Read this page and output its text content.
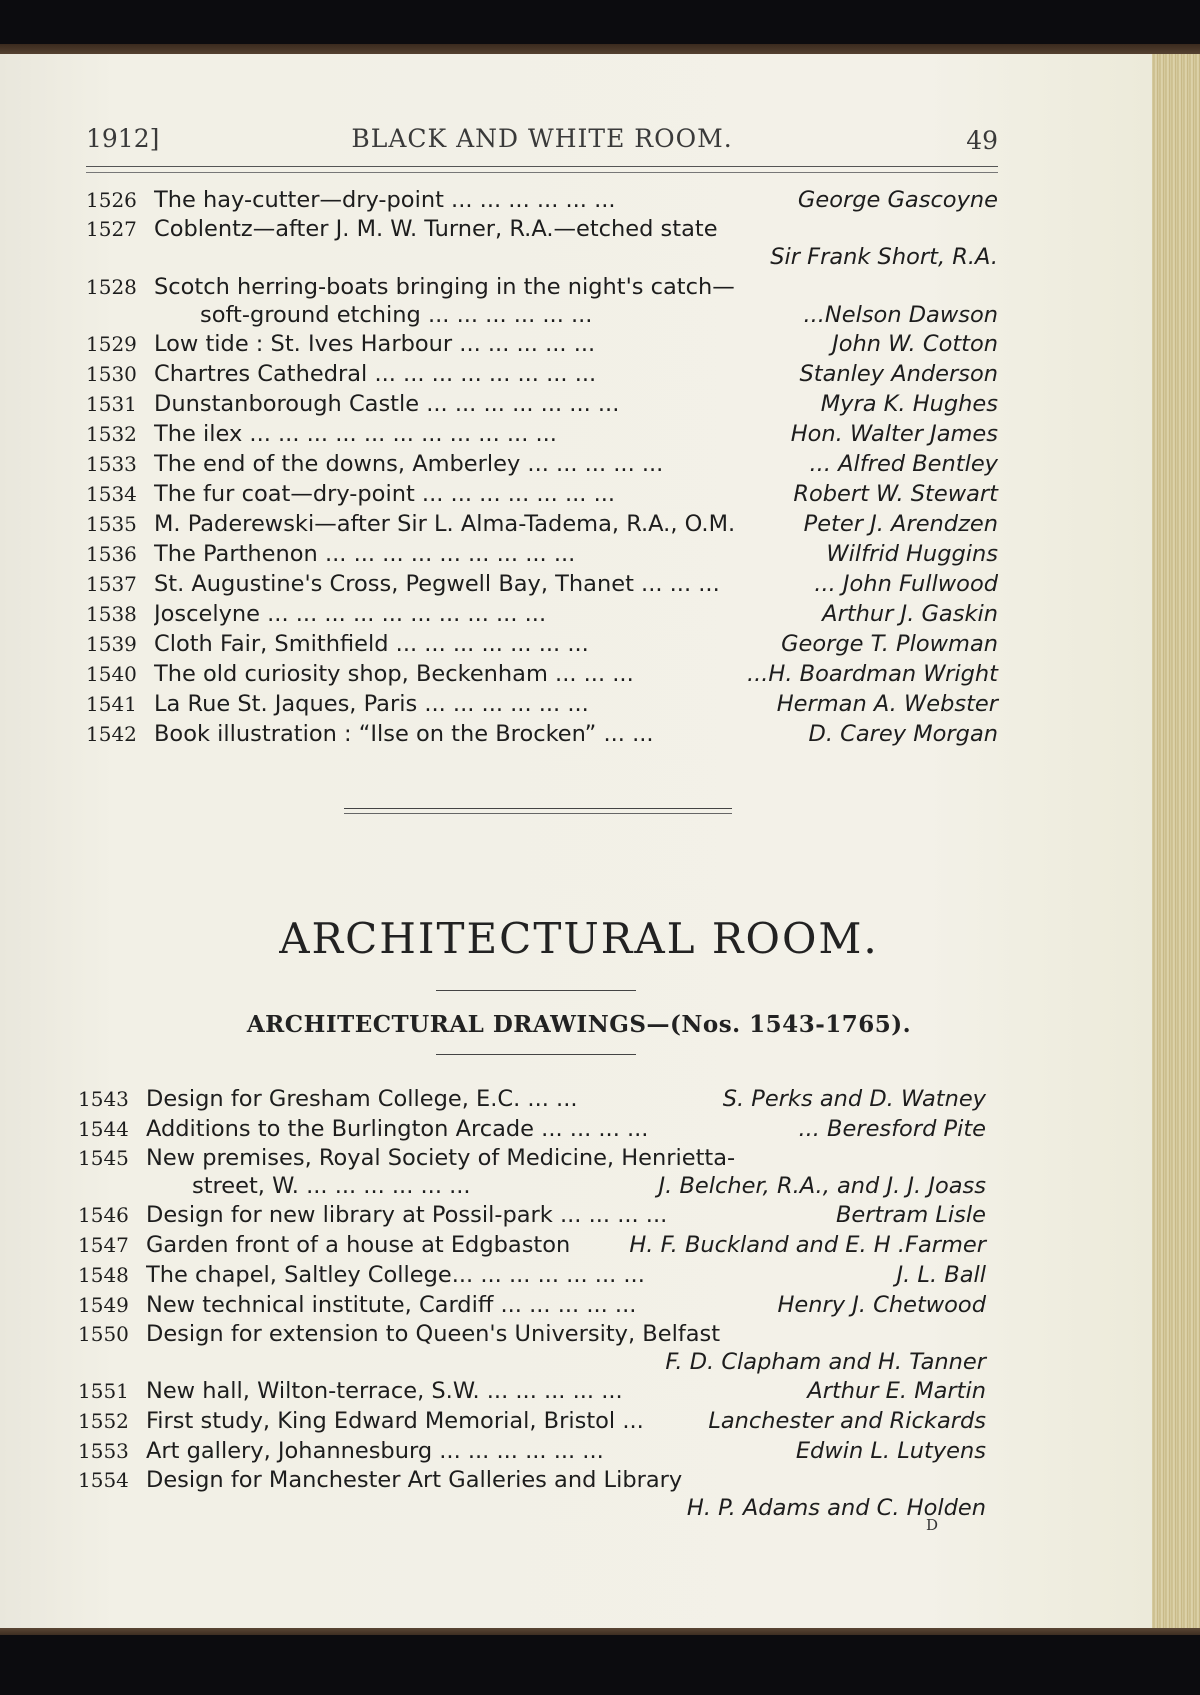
1912]	BLACK AND WHITE ROOM.	49
1526 The hay-cutter—dry-point ... ... ... ... ... ...	George Gascoyne
1527 Coblentz—after J. M. W. Turner, R.A.—etched state
Sir Frank Short, R.A.
1528 Scotch herring-boats bringing in the night's catch—
soft-ground etching ... ... ... ... ... ...	...Nelson Dawson
1529 Low tide : St. Ives Harbour ... ... ... ... ...	John W. Cotton
1530 Chartres Cathedral ... ... ... ... ... ... ... ...	Stanley Anderson
1531 Dunstanborough Castle ... ... ... ... ... ... ...	Myra K. Hughes
1532 The ilex ... ... ... ... ... ... ... ... ... ... ...	Hon. Walter James
1533 The end of the downs, Amberley ... ... ... ... ...	... Alfred Bentley
1534 The fur coat—dry-point ... ... ... ... ... ... ...	Robert W. Stewart
1535 M. Paderewski—after Sir L. Alma-Tadema, R.A., O.M.	Peter J. Arendzen
1536 The Parthenon ... ... ... ... ... ... ... ... ...	Wilfrid Huggins
1537 St. Augustine's Cross, Pegwell Bay, Thanet ... ... ...	... John Fullwood
1538 Joscelyne ... ... ... ... ... ... ... ... ... ...	Arthur J. Gaskin
1539 Cloth Fair, Smithfield ... ... ... ... ... ... ...	George T. Plowman
1540 The old curiosity shop, Beckenham ... ... ...	...H. Boardman Wright
1541 La Rue St. Jaques, Paris ... ... ... ... ... ...	Herman A. Webster
1542 Book illustration : “Ilse on the Brocken” ... ...	D. Carey Morgan
ARCHITECTURAL ROOM.
ARCHITECTURAL DRAWINGS—(Nos. 1543-1765).
1543 Design for Gresham College, E.C. ... ...	S. Perks and D. Watney
1544 Additions to the Burlington Arcade ... ... ... ...	... Beresford Pite
1545 New premises, Royal Society of Medicine, Henrietta-
street, W. ... ... ... ... ... ...	J. Belcher, R.A., and J. J. Joass
1546 Design for new library at Possil-park ... ... ... ...	Bertram Lisle
1547 Garden front of a house at Edgbaston	H. F. Buckland and E. H .Farmer
1548 The chapel, Saltley College... ... ... ... ... ... ...	J. L. Ball
1549 New technical institute, Cardiff ... ... ... ... ...	Henry J. Chetwood
1550 Design for extension to Queen's University, Belfast
F. D. Clapham and H. Tanner
1551 New hall, Wilton-terrace, S.W. ... ... ... ... ...	Arthur E. Martin
1552 First study, King Edward Memorial, Bristol ...	Lanchester and Rickards
1553 Art gallery, Johannesburg ... ... ... ... ... ...	Edwin L. Lutyens
1554 Design for Manchester Art Galleries and Library
H. P. Adams and C. Holden
D
